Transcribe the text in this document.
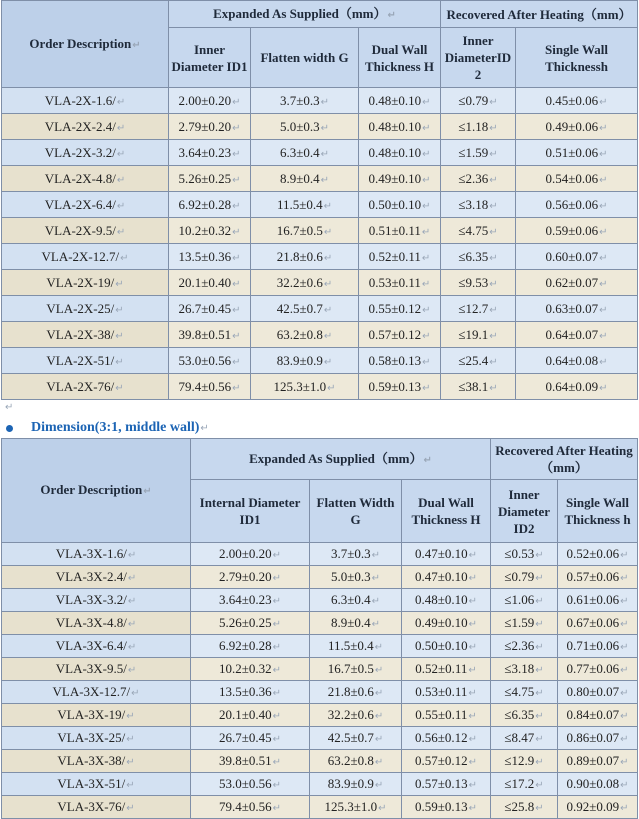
Order Description↵	Expanded As Supplied（mm）↵			Recovered After Heating（mm）	
	Inner Diameter ID1	Flatten width G	Dual Wall Thickness H	Inner DiameterID 2	Single Wall Thicknessh
VLA-2X-1.6/↵	2.00±0.20↵	3.7±0.3↵	0.48±0.10↵	≤0.79↵	0.45±0.06↵
VLA-2X-2.4/↵	2.79±0.20↵	5.0±0.3↵	0.48±0.10↵	≤1.18↵	0.49±0.06↵
VLA-2X-3.2/↵	3.64±0.23↵	6.3±0.4↵	0.48±0.10↵	≤1.59↵	0.51±0.06↵
VLA-2X-4.8/↵	5.26±0.25↵	8.9±0.4↵	0.49±0.10↵	≤2.36↵	0.54±0.06↵
VLA-2X-6.4/↵	6.92±0.28↵	11.5±0.4↵	0.50±0.10↵	≤3.18↵	0.56±0.06↵
VLA-2X-9.5/↵	10.2±0.32↵	16.7±0.5↵	0.51±0.11↵	≤4.75↵	0.59±0.06↵
VLA-2X-12.7/↵	13.5±0.36↵	21.8±0.6↵	0.52±0.11↵	≤6.35↵	0.60±0.07↵
VLA-2X-19/↵	20.1±0.40↵	32.2±0.6↵	0.53±0.11↵	≤9.53↵	0.62±0.07↵
VLA-2X-25/↵	26.7±0.45↵	42.5±0.7↵	0.55±0.12↵	≤12.7↵	0.63±0.07↵
VLA-2X-38/↵	39.8±0.51↵	63.2±0.8↵	0.57±0.12↵	≤19.1↵	0.64±0.07↵
VLA-2X-51/↵	53.0±0.56↵	83.9±0.9↵	0.58±0.13↵	≤25.4↵	0.64±0.08↵
VLA-2X-76/↵	79.4±0.56↵	125.3±1.0↵	0.59±0.13↵	≤38.1↵	0.64±0.09↵
↵
Dimension(3:1, middle wall) ↵
Order Description↵	Expanded As Supplied（mm）↵			Recovered After Heating（mm）	
	Internal Diameter ID1	Flatten Width G	Dual Wall Thickness H	Inner Diameter ID2	Single Wall Thickness h
VLA-3X-1.6/↵	2.00±0.20↵	3.7±0.3↵	0.47±0.10↵	≤0.53↵	0.52±0.06↵
VLA-3X-2.4/↵	2.79±0.20↵	5.0±0.3↵	0.47±0.10↵	≤0.79↵	0.57±0.06↵
VLA-3X-3.2/↵	3.64±0.23↵	6.3±0.4↵	0.48±0.10↵	≤1.06↵	0.61±0.06↵
VLA-3X-4.8/↵	5.26±0.25↵	8.9±0.4↵	0.49±0.10↵	≤1.59↵	0.67±0.06↵
VLA-3X-6.4/↵	6.92±0.28↵	11.5±0.4↵	0.50±0.10↵	≤2.36↵	0.71±0.06↵
VLA-3X-9.5/↵	10.2±0.32↵	16.7±0.5↵	0.52±0.11↵	≤3.18↵	0.77±0.06↵
VLA-3X-12.7/↵	13.5±0.36↵	21.8±0.6↵	0.53±0.11↵	≤4.75↵	0.80±0.07↵
VLA-3X-19/↵	20.1±0.40↵	32.2±0.6↵	0.55±0.11↵	≤6.35↵	0.84±0.07↵
VLA-3X-25/↵	26.7±0.45↵	42.5±0.7↵	0.56±0.12↵	≤8.47↵	0.86±0.07↵
VLA-3X-38/↵	39.8±0.51↵	63.2±0.8↵	0.57±0.12↵	≤12.9↵	0.89±0.07↵
VLA-3X-51/↵	53.0±0.56↵	83.9±0.9↵	0.57±0.13↵	≤17.2↵	0.90±0.08↵
VLA-3X-76/↵	79.4±0.56↵	125.3±1.0↵	0.59±0.13↵	≤25.8↵	0.92±0.09↵
